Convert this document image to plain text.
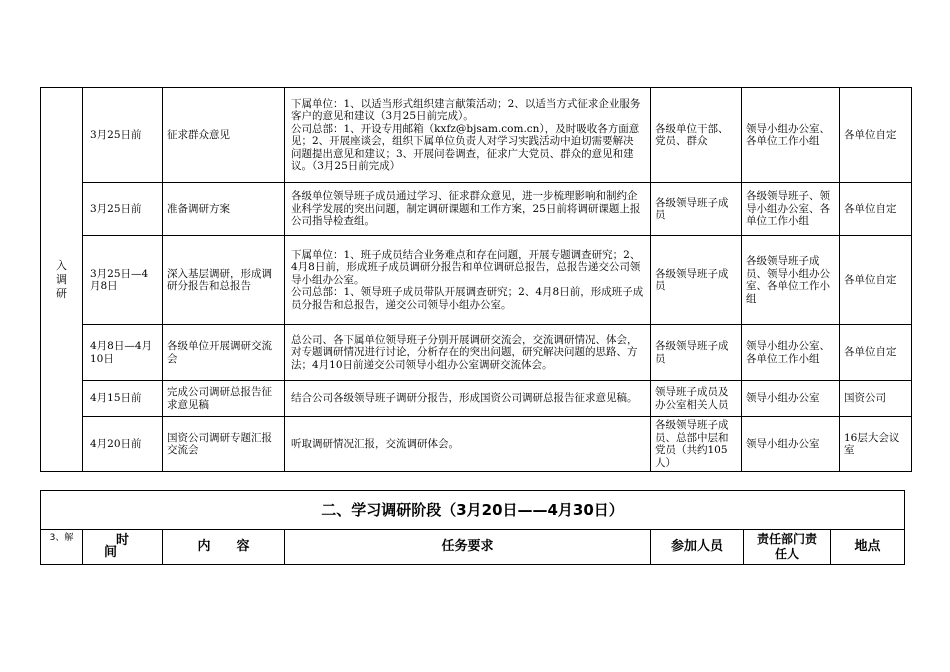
入调研	3月25日前	征求群众意见	下属单位：1、以适当形式组织建言献策活动；2、以适当方式征求企业服务客户的意见和建议（3月25日前完成）。
公司总部：1、开设专用邮箱（kxfz@bjsam.com.cn），及时吸收各方面意见；2、开展座谈会，组织下属单位负责人对学习实践活动中迫切需要解决问题提出意见和建议；3、开展问卷调查，征求广大党员、群众的意见和建议。（3月25日前完成）	各级单位干部、党员、群众	领导小组办公室、各单位工作小组	各单位自定
	3月25日前	准备调研方案	各级单位领导班子成员通过学习、征求群众意见，进一步梳理影响和制约企业科学发展的突出问题，制定调研课题和工作方案，25日前将调研课题上报公司指导检查组。	各级领导班子成员	各级领导班子、领导小组办公室、各单位工作小组	各单位自定
	3月25日—4月8日	深入基层调研，形成调研分报告和总报告	下属单位：1、班子成员结合业务难点和存在问题，开展专题调查研究；2、4月8日前，形成班子成员调研分报告和单位调研总报告，总报告递交公司领导小组办公室。
公司总部：1、领导班子成员带队开展调查研究；2、4月8日前，形成班子成员分报告和总报告，递交公司领导小组办公室。	各级领导班子成员	各级领导班子成员、领导小组办公室、各单位工作小组	各单位自定
	4月8日—4月10日	各级单位开展调研交流会	总公司、各下属单位领导班子分别开展调研交流会，交流调研情况、体会，对专题调研情况进行讨论，分析存在的突出问题，研究解决问题的思路、方法；4月10日前递交公司领导小组办公室调研交流体会。	各级领导班子成员	领导小组办公室、各单位工作小组	各单位自定
	4月15日前	完成公司调研总报告征求意见稿	结合公司各级领导班子调研分报告，形成国资公司调研总报告征求意见稿。	领导班子成员及办公室相关人员	领导小组办公室	国资公司
	4月20日前	国资公司调研专题汇报交流会	听取调研情况汇报，交流调研体会。	各级领导班子成员、总部中层和党员（共约105人）	领导小组办公室	16层大会议室
二、学习调研阶段（3月20日——4月30日）
3、解	时间	内容	任务要求	参加人员	责任部门责任人	地点
